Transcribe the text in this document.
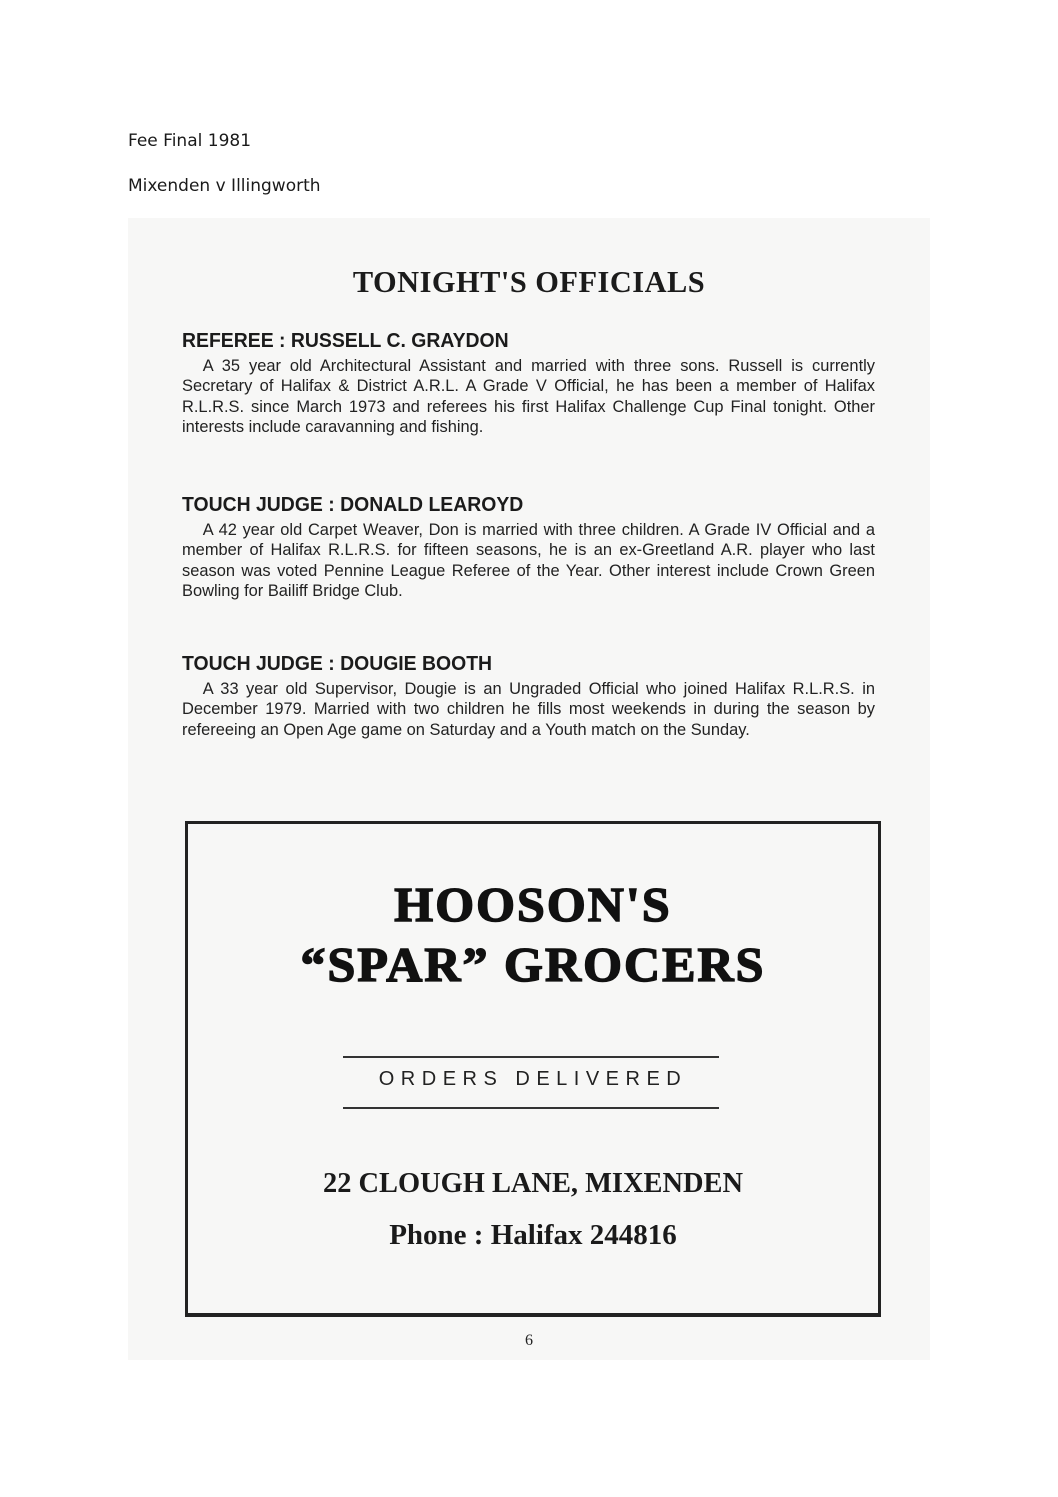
Fee Final 1981
Mixenden v Illingworth
TONIGHT'S OFFICIALS
REFEREE : RUSSELL C. GRAYDON
A 35 year old Architectural Assistant and married with three sons. Russell is currently Secretary of Halifax & District A.R.L. A Grade V Official, he has been a member of Halifax R.L.R.S. since March 1973 and referees his first Halifax Challenge Cup Final tonight. Other interests include caravanning and fishing.
TOUCH JUDGE : DONALD LEAROYD
A 42 year old Carpet Weaver, Don is married with three children. A Grade IV Official and a member of Halifax R.L.R.S. for fifteen seasons, he is an ex-Greetland A.R. player who last season was voted Pennine League Referee of the Year. Other interest include Crown Green Bowling for Bailiff Bridge Club.
TOUCH JUDGE : DOUGIE BOOTH
A 33 year old Supervisor, Dougie is an Ungraded Official who joined Halifax R.L.R.S. in December 1979. Married with two children he fills most weekends in during the season by refereeing an Open Age game on Saturday and a Youth match on the Sunday.
HOOSON'S
“SPAR” GROCERS
ORDERS DELIVERED
22 CLOUGH LANE, MIXENDEN
Phone : Halifax 244816
6
